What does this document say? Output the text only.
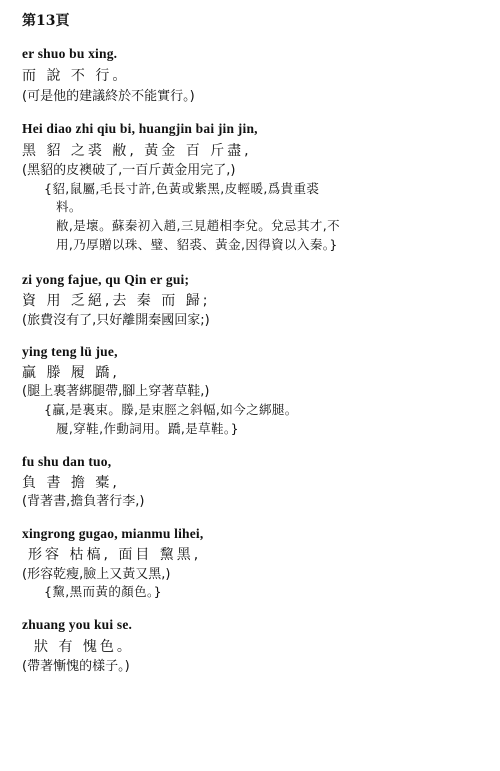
第13頁
er shuo bu xing.
而 說 不 行。
(可是他的建議終於不能實行。)
Hei diao zhi qiu bi, huangjin bai jin jin,
黑 貂 之裘 敝, 黃金 百 斤盡,
(黑貂的皮襖破了,一百斤黃金用完了,)
{貂,鼠屬,毛長寸許,色黃或紫黑,皮輕暖,爲貴重裘
料。
敝,是壞。蘇秦初入趙,三見趙相李兌。兌忌其才,不
用,乃厚贈以珠、璧、貂裘、黃金,因得資以入秦。}
zi yong fajue, qu Qin er gui;
資 用 乏絕,去 秦 而 歸;
(旅費沒有了,只好離開秦國回家;)
ying teng lü jue,
贏 滕 履 蹻,
(腿上裏著綁腿帶,腳上穿著草鞋,)
{贏,是裏束。滕,是束脛之斜幅,如今之綁腿。
履,穿鞋,作動詞用。蹻,是草鞋。}
fu shu dan tuo,
負 書 擔 橐,
(背著書,擔負著行李,)
xingrong gugao, mianmu lihei,
形容 枯槁, 面目 黧黑,
(形容乾瘦,臉上又黃又黑,)
{黧,黑而黃的顏色。}
zhuang you kui se.
狀 有 愧色。
(帶著慚愧的樣子。)
